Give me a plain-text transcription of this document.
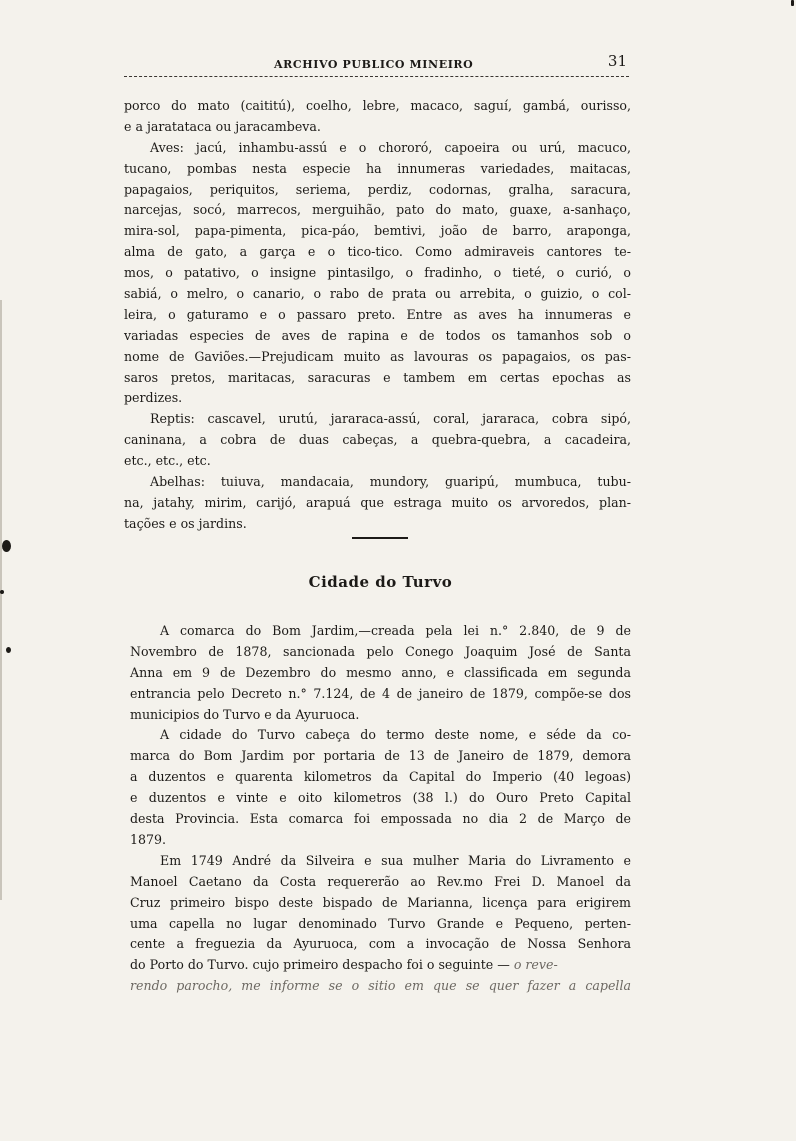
ARCHIVO PUBLICO MINEIRO	31
porco do mato (caititú), coelho, lebre, macaco, saguí, gambá, ourisso,
e a jaratataca ou jaracambeva.
Aves: jacú, inhambu-assú e o chororó, capoeira ou urú, macuco,
tucano, pombas nesta especie ha innumeras variedades, maitacas,
papagaios, periquitos, seriema, perdiz, codornas, gralha, saracura,
narcejas, socó, marrecos, merguihão, pato do mato, guaxe, a-sanhaço,
mira-sol, papa-pimenta, pica-páo, bemtivi, joão de barro, araponga,
alma de gato, a garça e o tico-tico. Como admiraveis cantores te-
mos, o patativo, o insigne pintasilgo, o fradinho, o tieté, o curió, o
sabiá, o melro, o canario, o rabo de prata ou arrebita, o guizio, o col-
leira, o gaturamo e o passaro preto. Entre as aves ha innumeras e
variadas especies de aves de rapina e de todos os tamanhos sob o
nome de Gaviões.—Prejudicam muito as lavouras os papagaios, os pas-
saros pretos, maritacas, saracuras e tambem em certas epochas as
perdizes.
Reptis: cascavel, urutú, jararaca-assú, coral, jararaca, cobra sipó,
caninana, a cobra de duas cabeças, a quebra-quebra, a cacadeira,
etc., etc., etc.
Abelhas: tuiuva, mandacaia, mundory, guaripú, mumbuca, tubu-
na, jatahy, mirim, carijó, arapuá que estraga muito os arvoredos, plan-
tações e os jardins.
Cidade do Turvo
A comarca do Bom Jardim,—creada pela lei n.° 2.840, de 9 de
Novembro de 1878, sancionada pelo Conego Joaquim José de Santa
Anna em 9 de Dezembro do mesmo anno, e classificada em segunda
entrancia pelo Decreto n.° 7.124, de 4 de janeiro de 1879, compõe-se dos
municipios do Turvo e da Ayuruoca.
A cidade do Turvo cabeça do termo deste nome, e séde da co-
marca do Bom Jardim por portaria de 13 de Janeiro de 1879, demora
a duzentos e quarenta kilometros da Capital do Imperio (40 legoas)
e duzentos e vinte e oito kilometros (38 l.) do Ouro Preto Capital
desta Provincia. Esta comarca foi empossada no dia 2 de Março de
1879.
Em 1749 André da Silveira e sua mulher Maria do Livramento e
Manoel Caetano da Costa requererão ao Rev.mo Frei D. Manoel da
Cruz primeiro bispo deste bispado de Marianna, licença para erigirem
uma capella no lugar denominado Turvo Grande e Pequeno, perten-
cente a freguezia da Ayuruoca, com a invocação de Nossa Senhora
do Porto do Turvo. cujo primeiro despacho foi o seguinte — o reve-
rendo parocho, me informe se o sitio em que se quer fazer a capella
